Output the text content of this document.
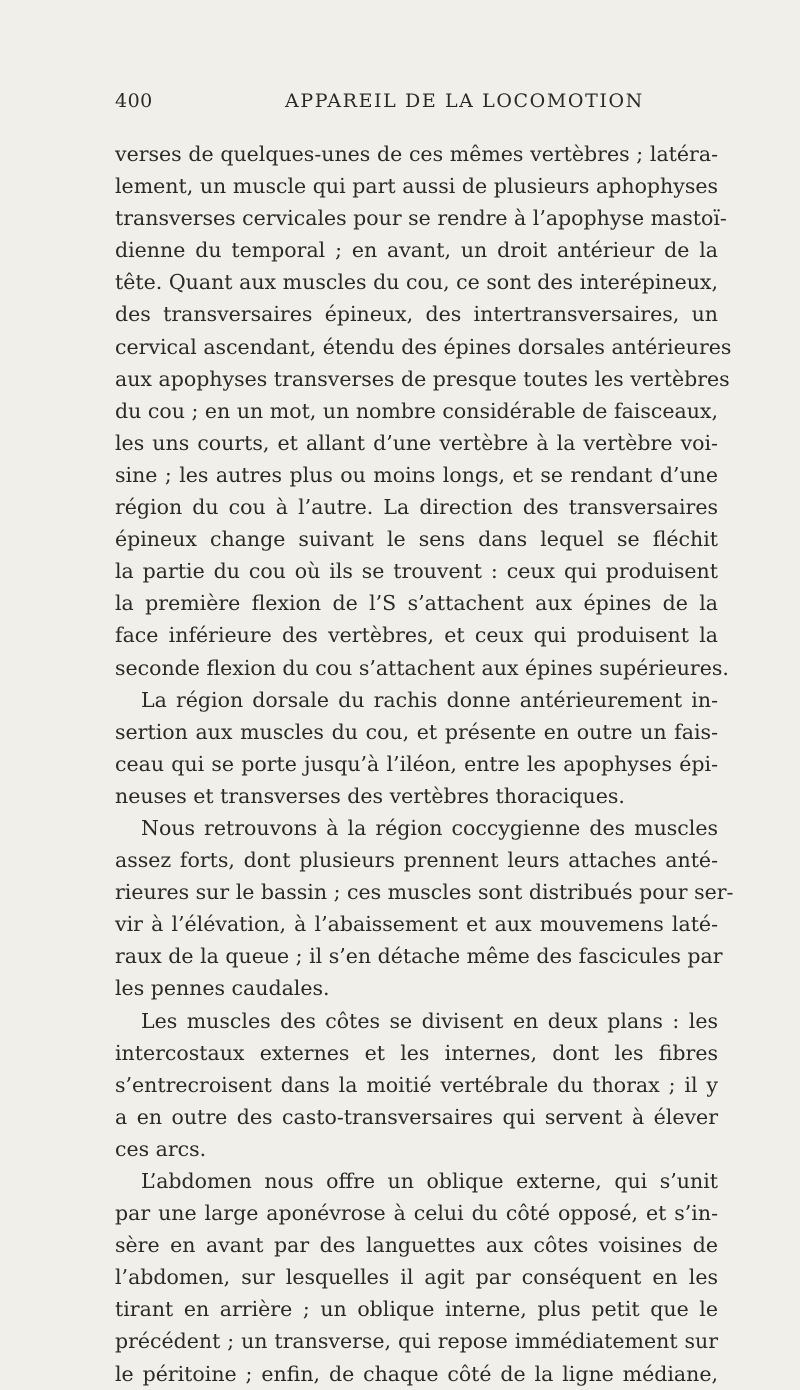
400	APPAREIL DE LA LOCOMOTION
verses de quelques-unes de ces mêmes vertèbres ; latéra-
lement, un muscle qui part aussi de plusieurs aphophyses
transverses cervicales pour se rendre à l’apophyse mastoï-
dienne du temporal ; en avant, un droit antérieur de la
tête. Quant aux muscles du cou, ce sont des interépineux,
des transversaires épineux, des intertransversaires, un
cervical ascendant, étendu des épines dorsales antérieures
aux apophyses transverses de presque toutes les vertèbres
du cou ; en un mot, un nombre considérable de faisceaux,
les uns courts, et allant d’une vertèbre à la vertèbre voi-
sine ; les autres plus ou moins longs, et se rendant d’une
région du cou à l’autre. La direction des transversaires
épineux change suivant le sens dans lequel se fléchit
la partie du cou où ils se trouvent : ceux qui produisent
la première flexion de l’S s’attachent aux épines de la
face inférieure des vertèbres, et ceux qui produisent la
seconde flexion du cou s’attachent aux épines supérieures.
La région dorsale du rachis donne antérieurement in-
sertion aux muscles du cou, et présente en outre un fais-
ceau qui se porte jusqu’à l’iléon, entre les apophyses épi-
neuses et transverses des vertèbres thoraciques.
Nous retrouvons à la région coccygienne des muscles
assez forts, dont plusieurs prennent leurs attaches anté-
rieures sur le bassin ; ces muscles sont distribués pour ser-
vir à l’élévation, à l’abaissement et aux mouvemens laté-
raux de la queue ; il s’en détache même des fascicules par
les pennes caudales.
Les muscles des côtes se divisent en deux plans : les
intercostaux externes et les internes, dont les fibres
s’entrecroisent dans la moitié vertébrale du thorax ; il y
a en outre des casto-transversaires qui servent à élever
ces arcs.
L’abdomen nous offre un oblique externe, qui s’unit
par une large aponévrose à celui du côté opposé, et s’in-
sère en avant par des languettes aux côtes voisines de
l’abdomen, sur lesquelles il agit par conséquent en les
tirant en arrière ; un oblique interne, plus petit que le
précédent ; un transverse, qui repose immédiatement sur
le péritoine ; enfin, de chaque côté de la ligne médiane,
